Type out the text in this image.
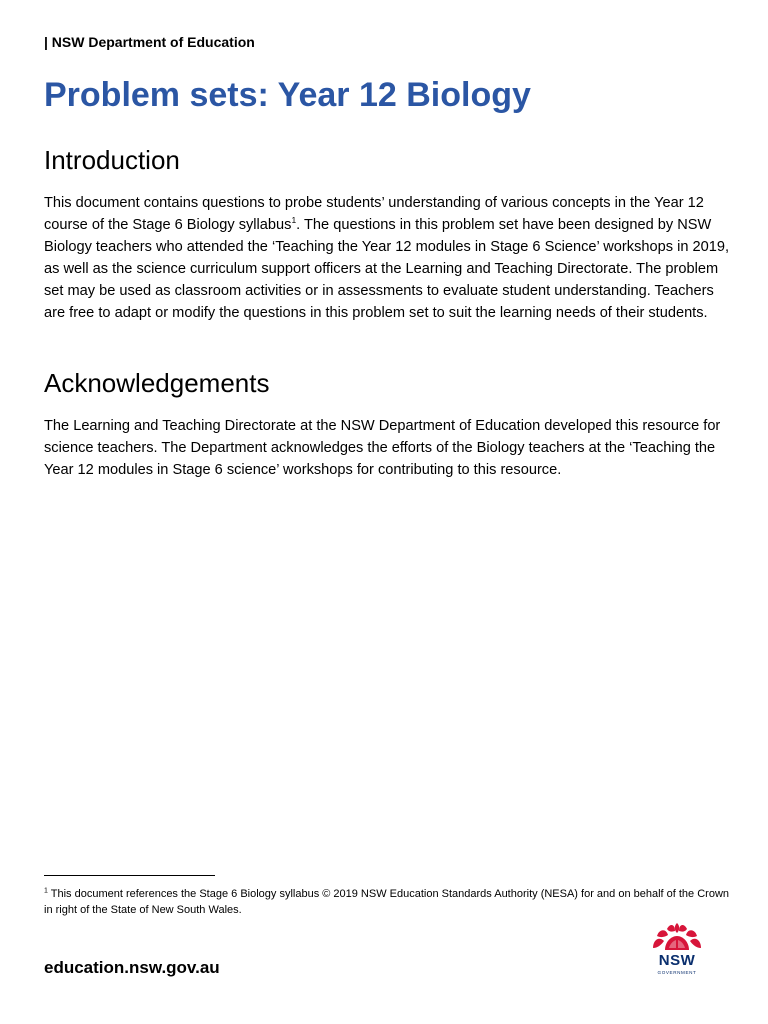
| NSW Department of Education
Problem sets: Year 12 Biology
Introduction

This document contains questions to probe students’ understanding of various concepts in the Year 12 course of the Stage 6 Biology syllabus$^1$. The questions in this problem set have been designed by NSW Biology teachers who attended the ‘Teaching the Year 12 modules in Stage 6 Science’ workshops in 2019, as well as the science curriculum support officers at the Learning and Teaching Directorate. The problem set may be used as classroom activities or in assessments to evaluate student understanding. Teachers are free to adapt or modify the questions in this problem set to suit the learning needs of their students.

Acknowledgements

The Learning and Teaching Directorate at the NSW Department of Education developed this resource for science teachers. The Department acknowledges the efforts of the Biology teachers at the ‘Teaching the Year 12 modules in Stage 6 science’ workshops for contributing to this resource.

$^1$ This document references the Stage 6 Biology syllabus © 2019 NSW Education Standards Authority (NESA) for and on behalf of the Crown in right of the State of New South Wales.

education.nsw.gov.au	NSW
GOVERNMENT
